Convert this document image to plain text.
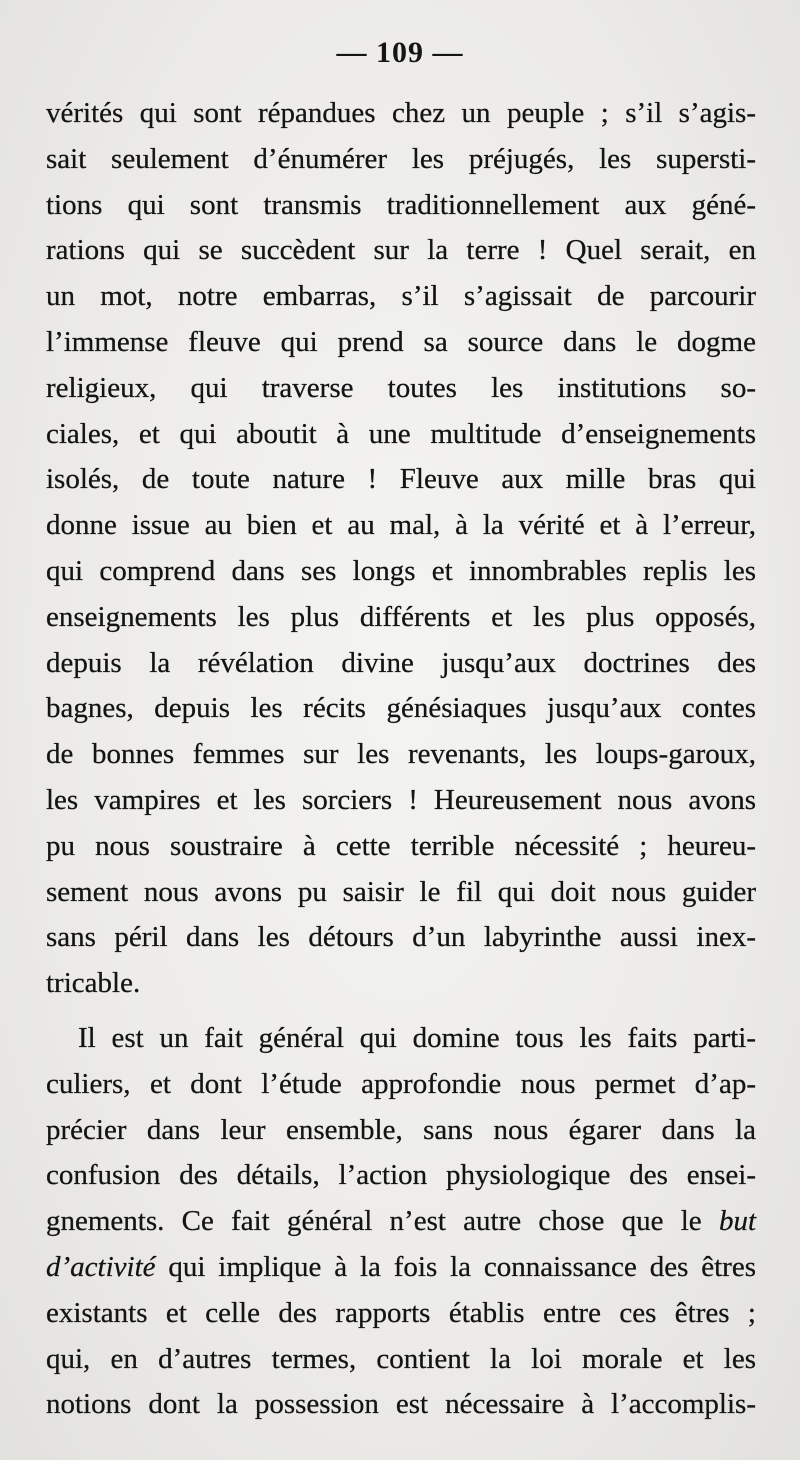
— 109 —
vérités qui sont répandues chez un peuple ; s’il s’agis-
sait seulement d’énumérer les préjugés, les supersti-
tions qui sont transmis traditionnellement aux géné-
rations qui se succèdent sur la terre ! Quel serait, en
un mot, notre embarras, s’il s’agissait de parcourir
l’immense fleuve qui prend sa source dans le dogme
religieux, qui traverse toutes les institutions so-
ciales, et qui aboutit à une multitude d’enseignements
isolés, de toute nature ! Fleuve aux mille bras qui
donne issue au bien et au mal, à la vérité et à l’erreur,
qui comprend dans ses longs et innombrables replis les
enseignements les plus différents et les plus opposés,
depuis la révélation divine jusqu’aux doctrines des
bagnes, depuis les récits génésiaques jusqu’aux contes
de bonnes femmes sur les revenants, les loups-garoux,
les vampires et les sorciers ! Heureusement nous avons
pu nous soustraire à cette terrible nécessité ; heureu-
sement nous avons pu saisir le fil qui doit nous guider
sans péril dans les détours d’un labyrinthe aussi inex-
tricable.
Il est un fait général qui domine tous les faits parti-
culiers, et dont l’étude approfondie nous permet d’ap-
précier dans leur ensemble, sans nous égarer dans la
confusion des détails, l’action physiologique des ensei-
gnements. Ce fait général n’est autre chose que le but
d’activité qui implique à la fois la connaissance des êtres
existants et celle des rapports établis entre ces êtres ;
qui, en d’autres termes, contient la loi morale et les
notions dont la possession est nécessaire à l’accomplis-
